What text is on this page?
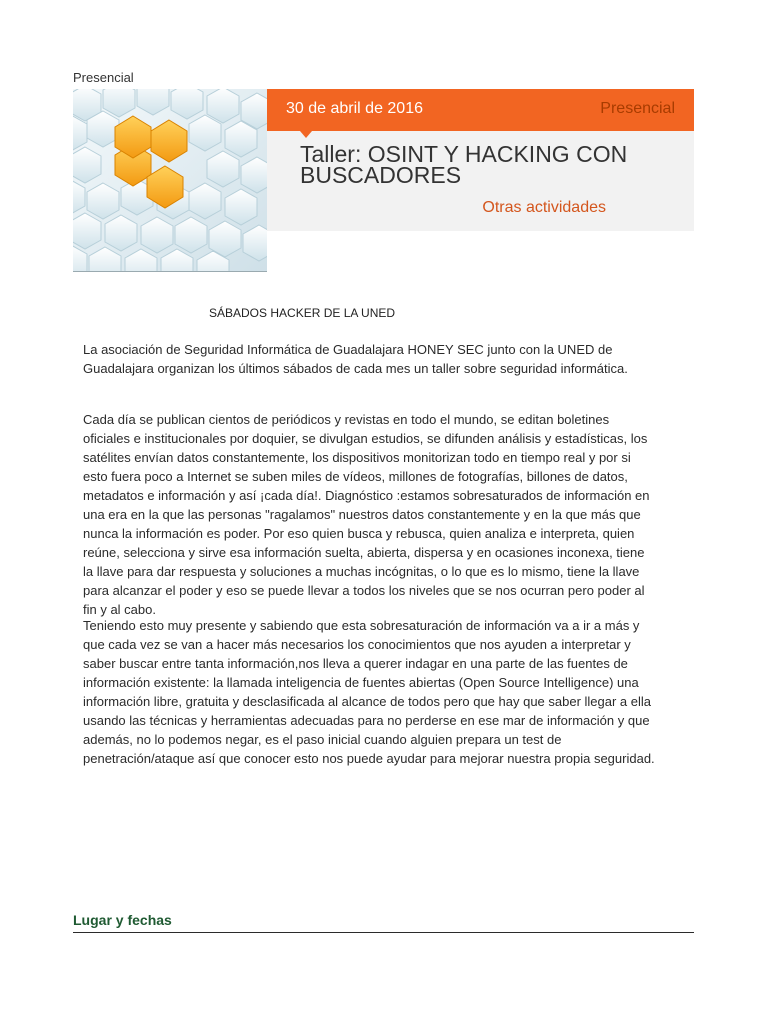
Presencial
30 de abril de 2016	Presencial
Taller: OSINT Y HACKING CON BUSCADORES
Otras actividades
SÁBADOS HACKER DE LA UNED

La asociación de Seguridad Informática de Guadalajara HONEY SEC junto con la UNED de Guadalajara organizan los últimos sábados de cada mes un taller sobre seguridad informática.

Cada día se publican cientos de periódicos y revistas en todo el mundo, se editan boletines oficiales e institucionales por doquier, se divulgan estudios, se difunden análisis y estadísticas, los satélites envían datos constantemente, los dispositivos monitorizan todo en tiempo real y por si esto fuera poco a Internet se suben miles de vídeos, millones de fotografías, billones de datos, metadatos e información y así ¡cada día!. Diagnóstico :estamos sobresaturados de información en una era en la que las personas "ragalamos" nuestros datos constantemente y en la que más que nunca la información es poder. Por eso quien busca y rebusca, quien analiza e interpreta, quien reúne, selecciona y sirve esa información suelta, abierta, dispersa y en ocasiones inconexa, tiene la llave para dar respuesta y soluciones a muchas incógnitas, o lo que es lo mismo, tiene la llave para alcanzar el poder y eso se puede llevar a todos los niveles que se nos ocurran pero poder al fin y al cabo.

Teniendo esto muy presente y sabiendo que esta sobresaturación de información va a ir a más y que cada vez se van a hacer más necesarios los conocimientos que nos ayuden a interpretar y saber buscar entre tanta información,nos lleva a querer indagar en una parte de las fuentes de información existente: la llamada inteligencia de fuentes abiertas (Open Source Intelligence) una información libre, gratuita y desclasificada al alcance de todos pero que hay que saber llegar a ella usando las técnicas y herramientas adecuadas para no perderse en ese mar de información y que además, no lo podemos negar, es el paso inicial cuando alguien prepara un test de penetración/ataque así que conocer esto nos puede ayudar para mejorar nuestra propia seguridad.

Lugar y fechas
